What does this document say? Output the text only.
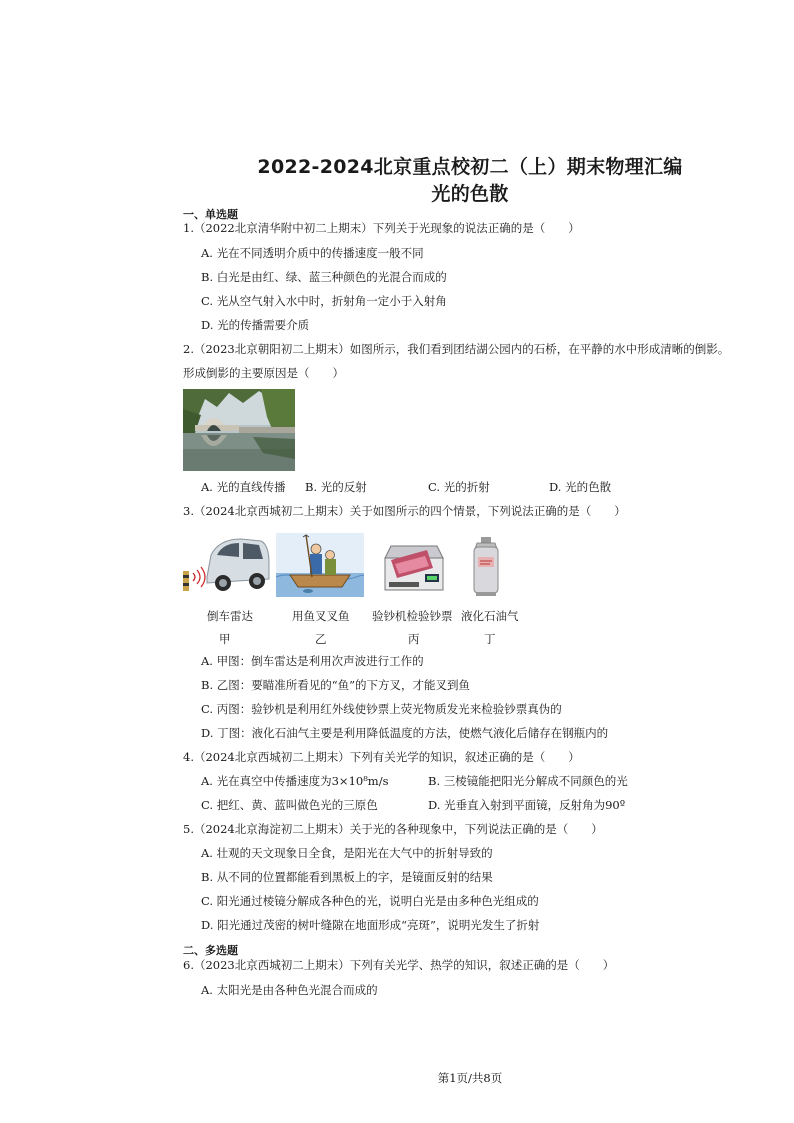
2022-2024北京重点校初二（上）期末物理汇编
光的色散
一、单选题
1.（2022北京清华附中初二上期末）下列关于光现象的说法正确的是（　　）
A. 光在不同透明介质中的传播速度一般不同
B. 白光是由红、绿、蓝三种颜色的光混合而成的
C. 光从空气射入水中时，折射角一定小于入射角
D. 光的传播需要介质
2.（2023北京朝阳初二上期末）如图所示，我们看到团结湖公园内的石桥，在平静的水中形成清晰的倒影。
形成倒影的主要原因是（　　）
A. 光的直线传播 B. 光的反射	C. 光的折射	D. 光的色散
3.（2024北京西城初二上期末）关于如图所示的四个情景，下列说法正确的是（　　）
倒车雷达	用鱼叉叉鱼 验钞机检验钞票 液化石油气
甲	乙	丙	丁
A. 甲图：倒车雷达是利用次声波进行工作的
B. 乙图：要瞄准所看见的“鱼”的下方叉，才能叉到鱼
C. 丙图：验钞机是利用红外线使钞票上荧光物质发光来检验钞票真伪的
D. 丁图：液化石油气主要是利用降低温度的方法，使燃气液化后储存在钢瓶内的
4.（2024北京西城初二上期末）下列有关光学的知识，叙述正确的是（　　）
A. 光在真空中传播速度为3×10⁸m/s	B. 三棱镜能把阳光分解成不同颜色的光
C. 把红、黄、蓝叫做色光的三原色	D. 光垂直入射到平面镜，反射角为90º
5.（2024北京海淀初二上期末）关于光的各种现象中，下列说法正确的是（　　）
A. 壮观的天文现象日全食，是阳光在大气中的折射导致的
B. 从不同的位置都能看到黑板上的字，是镜面反射的结果
C. 阳光通过棱镜分解成各种色的光，说明白光是由多种色光组成的
D. 阳光通过茂密的树叶缝隙在地面形成“亮斑”，说明光发生了折射
二、多选题
6.（2023北京西城初二上期末）下列有关光学、热学的知识，叙述正确的是（　　）
A. 太阳光是由各种色光混合而成的
第1页/共8页
